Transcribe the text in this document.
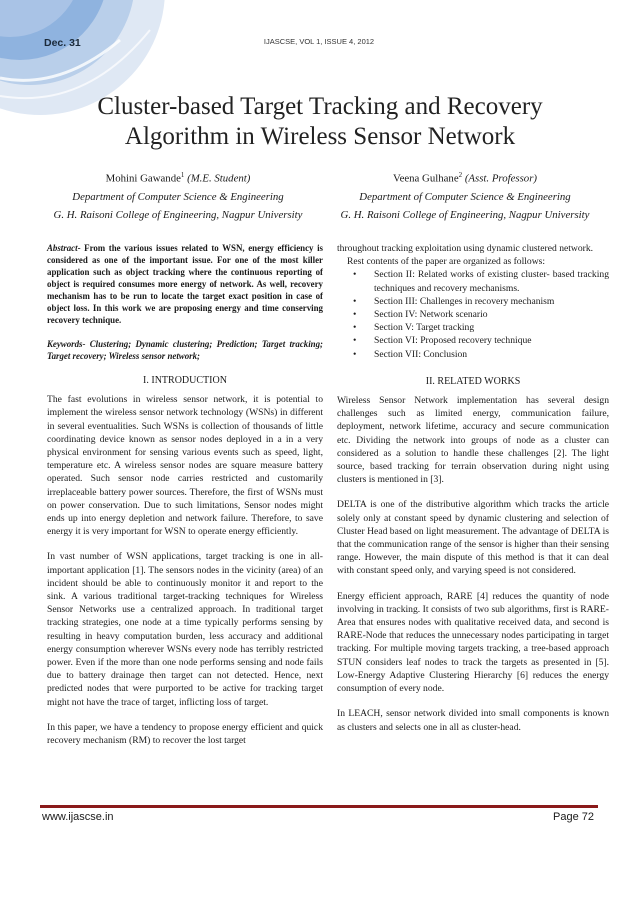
Dec. 31	IJASCSE, VOL 1, ISSUE 4, 2012
Cluster-based Target Tracking and Recovery
Algorithm in Wireless Sensor Network
Mohini Gawande$^1$ (M.E. Student)
Department of Computer Science & Engineering
G. H. Raisoni College of Engineering, Nagpur University
Veena Gulhane$^2$ (Asst. Professor)
Department of Computer Science & Engineering
G. H. Raisoni College of Engineering, Nagpur University

Abstract- From the various issues related to WSN, energy efficiency is considered as one of the important issue. For one of the most killer application such as object tracking where the continuous reporting of object is required consumes more energy of network. As well, recovery mechanism has to be run to locate the target exact position in case of object loss. In this work we are proposing energy and time conserving recovery technique.

Keywords- Clustering; Dynamic clustering; Prediction; Target tracking; Target recovery; Wireless sensor network;

I. INTRODUCTION

The fast evolutions in wireless sensor network, it is potential to implement the wireless sensor network technology (WSNs) in different in several eventualities. Such WSNs is collection of thousands of little coordinating device known as sensor nodes deployed in a in a very physical environment for sensing various events such as speed, light, temperature etc. A wireless sensor nodes are square measure battery operated. Such sensor node carries restricted and customarily irreplaceable battery power sources. Therefore, the first of WSNs must on power conservation. Due to such limitations, Sensor nodes might ends up into energy depletion and network failure. Therefore, to save energy it is very important for WSN to operate energy efficiently.

In vast number of WSN applications, target tracking is one in all-important application [1]. The sensors nodes in the vicinity (area) of an incident should be able to continuously monitor it and report to the sink. A various traditional target-tracking techniques for Wireless Sensor Networks use a centralized approach. In traditional target tracking strategies, one node at a time typically performs sensing by resulting in heavy computation burden, less accuracy and additional energy consumption wherever WSNs every node has terribly restricted power. Even if the more than one node performs sensing and node fails due to battery drainage then target can not detected. Hence, next predicted nodes that were purported to be active for tracking target might not have the trace of target, inflicting loss of target.

In this paper, we have a tendency to propose energy efficient and quick recovery mechanism (RM) to recover the lost target

throughout tracking exploitation using dynamic clustered network.

Rest contents of the paper are organized as follows:

• Section II: Related works of existing cluster- based tracking techniques and recovery mechanisms.
• Section III: Challenges in recovery mechanism
• Section IV: Network scenario
• Section V: Target tracking
• Section VI: Proposed recovery technique
• Section VII: Conclusion

II. RELATED WORKS

Wireless Sensor Network implementation has several design challenges such as limited energy, communication failure, deployment, network lifetime, accuracy and secure communication etc. Dividing the network into groups of node as a cluster can considered as a solution to handle these challenges [2]. The light source, based tracking for terrain observation during night using clusters is mentioned in [3].

DELTA is one of the distributive algorithm which tracks the article solely only at constant speed by dynamic clustering and selection of Cluster Head based on light measurement. The advantage of DELTA is that the communication range of the sensor is higher than their sensing range. However, the main dispute of this method is that it can deal with constant speed only, and varying speed is not considered.

Energy efficient approach, RARE [4] reduces the quantity of node involving in tracking. It consists of two sub algorithms, first is RARE-Area that ensures nodes with qualitative received data, and second is RARE-Node that reduces the unnecessary nodes participating in target tracking. For multiple moving targets tracking, a tree-based approach STUN considers leaf nodes to track the targets as presented in [5]. Low-Energy Adaptive Clustering Hierarchy [6] reduces the energy consumption of every node.

In LEACH, sensor network divided into small components is known as clusters and selects one in all as cluster-head.

www.ijascse.in	Page 72
